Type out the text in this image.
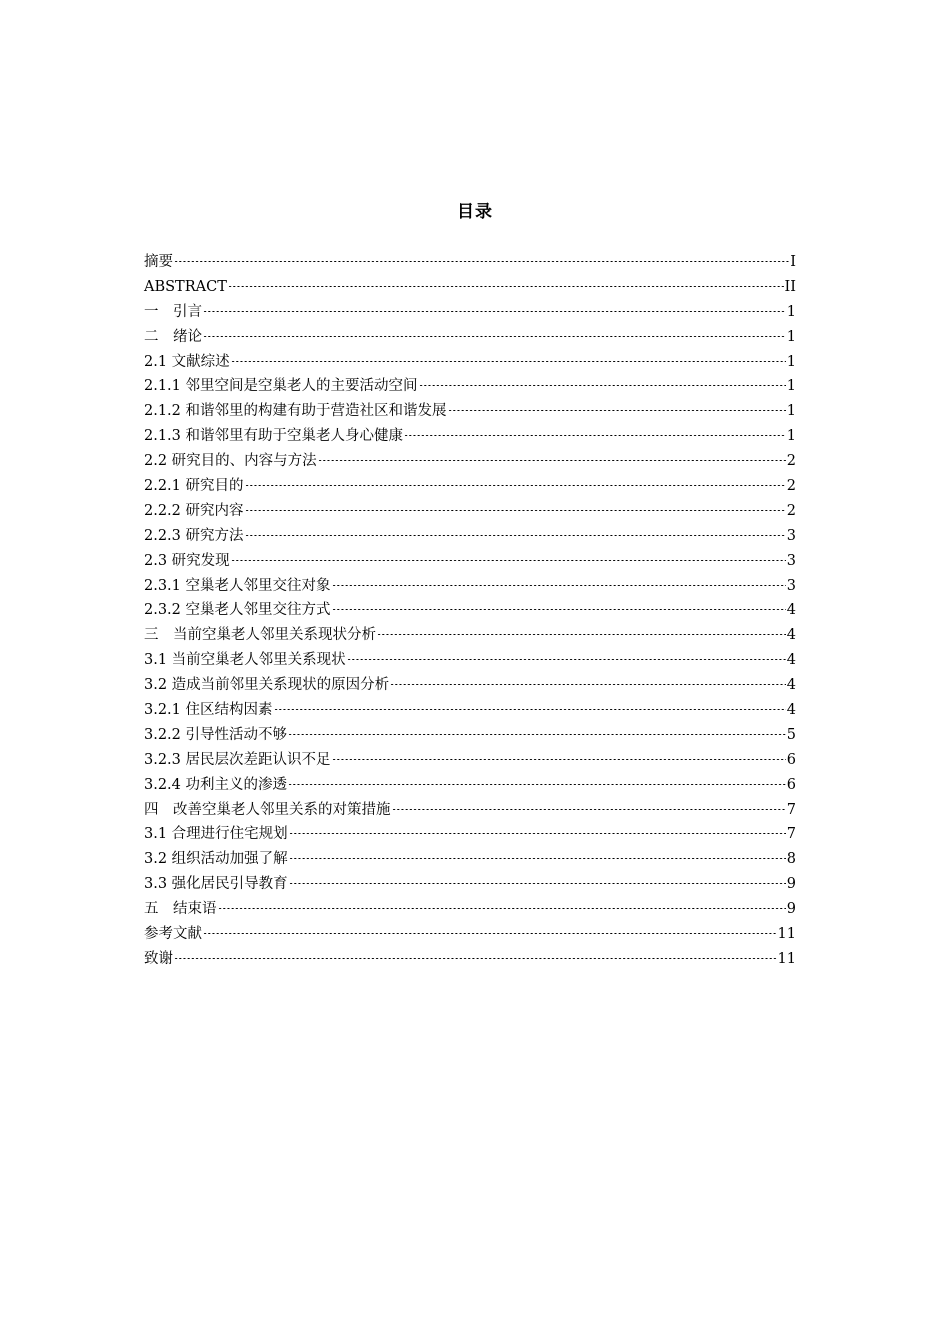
目录
摘要	I
ABSTRACT	II
一　引言	1
二　绪论	1
2.1 文献综述	1
2.1.1 邻里空间是空巢老人的主要活动空间	1
2.1.2 和谐邻里的构建有助于营造社区和谐发展	1
2.1.3 和谐邻里有助于空巢老人身心健康	1
2.2 研究目的、内容与方法	2
2.2.1 研究目的	2
2.2.2 研究内容	2
2.2.3 研究方法	3
2.3 研究发现	3
2.3.1 空巢老人邻里交往对象	3
2.3.2 空巢老人邻里交往方式	4
三　当前空巢老人邻里关系现状分析	4
3.1 当前空巢老人邻里关系现状	4
3.2 造成当前邻里关系现状的原因分析	4
3.2.1 住区结构因素	4
3.2.2 引导性活动不够	5
3.2.3 居民层次差距认识不足	6
3.2.4 功利主义的渗透	6
四　改善空巢老人邻里关系的对策措施	7
3.1 合理进行住宅规划	7
3.2 组织活动加强了解	8
3.3 强化居民引导教育	9
五　结束语	9
参考文献	11
致谢	11
